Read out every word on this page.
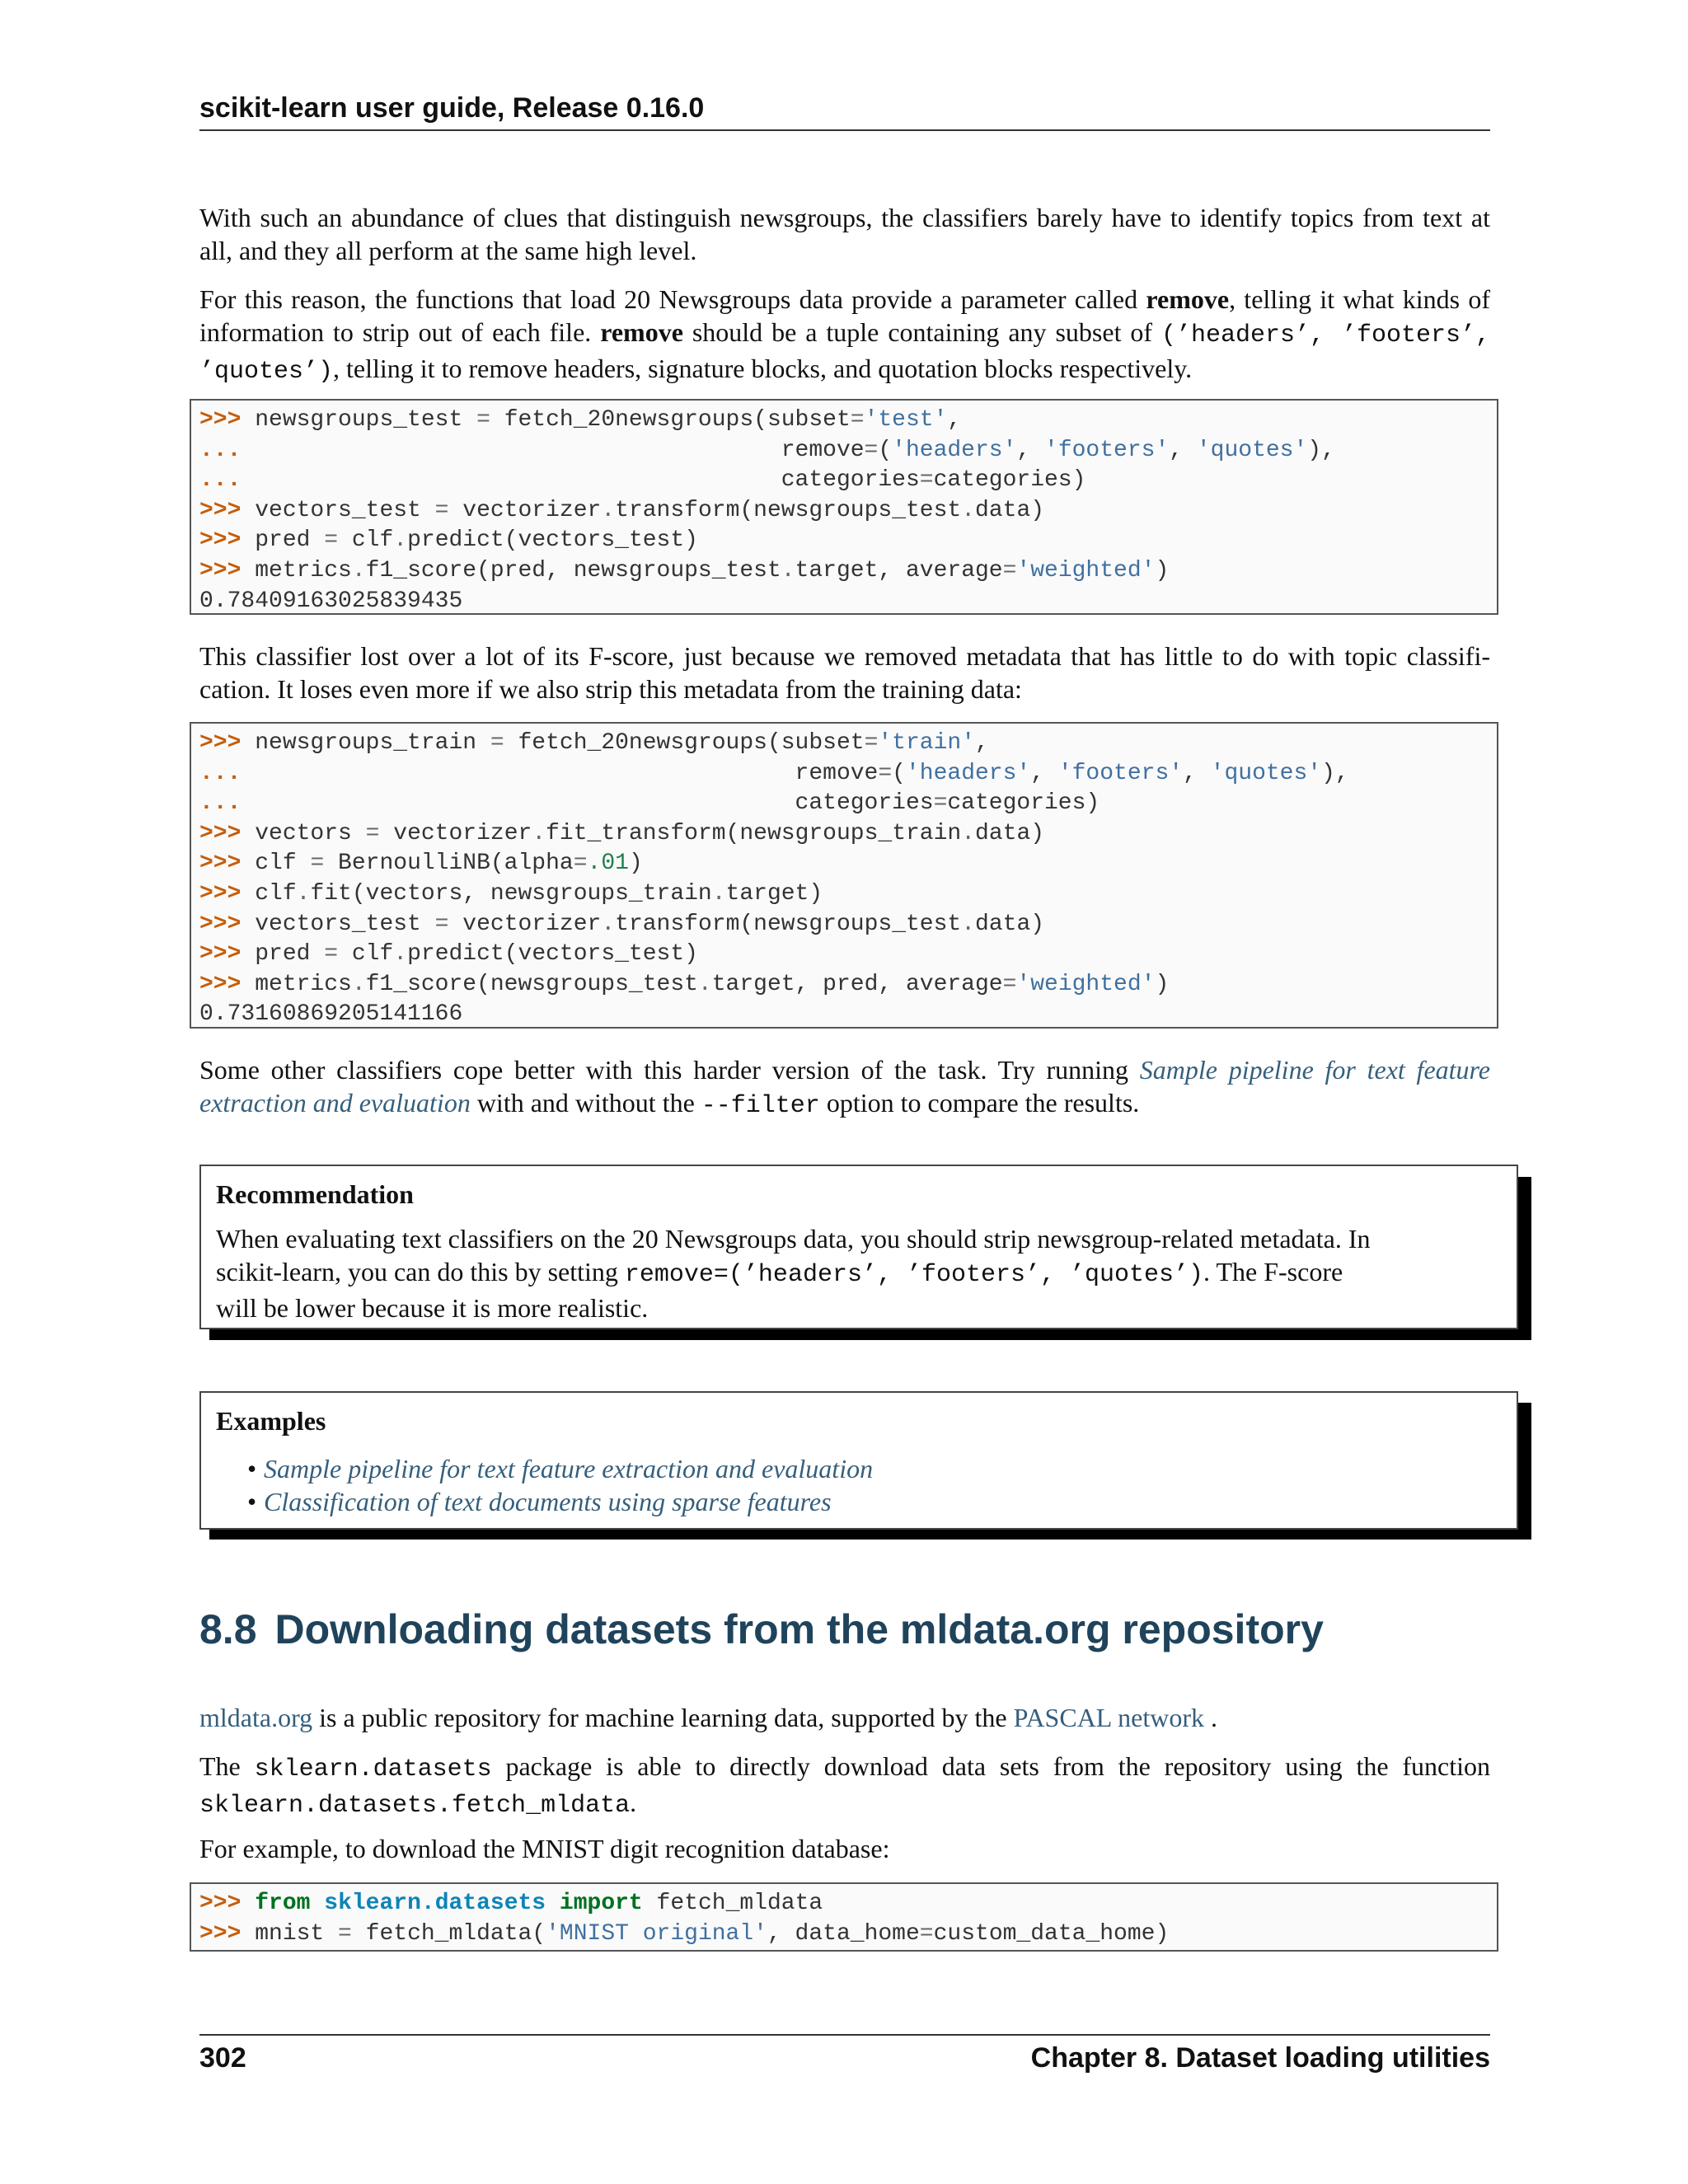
scikit-learn user guide, Release 0.16.0
With such an abundance of clues that distinguish newsgroups, the classifiers barely have to identify topics from text at
all, and they all perform at the same high level.
For this reason, the functions that load 20 Newsgroups data provide a parameter called remove, telling it what kinds of information to strip out of each file. remove should be a tuple containing any subset of (’headers’, ’footers’, ’quotes’), telling it to remove headers, signature blocks, and quotation blocks respectively.
>>> newsgroups_test = fetch_20newsgroups(subset='test',
...                                       remove=('headers', 'footers', 'quotes'),
...                                       categories=categories)
>>> vectors_test = vectorizer.transform(newsgroups_test.data)
>>> pred = clf.predict(vectors_test)
>>> metrics.f1_score(pred, newsgroups_test.target, average='weighted')
0.78409163025839435
This classifier lost over a lot of its F-score, just because we removed metadata that has little to do with topic classifi-
cation. It loses even more if we also strip this metadata from the training data:
>>> newsgroups_train = fetch_20newsgroups(subset='train',
...                                        remove=('headers', 'footers', 'quotes'),
...                                        categories=categories)
>>> vectors = vectorizer.fit_transform(newsgroups_train.data)
>>> clf = BernoulliNB(alpha=.01)
>>> clf.fit(vectors, newsgroups_train.target)
>>> vectors_test = vectorizer.transform(newsgroups_test.data)
>>> pred = clf.predict(vectors_test)
>>> metrics.f1_score(newsgroups_test.target, pred, average='weighted')
0.73160869205141166
Some other classifiers cope better with this harder version of the task. Try running Sample pipeline for text feature extraction and evaluation with and without the --filter option to compare the results.
Recommendation
When evaluating text classifiers on the 20 Newsgroups data, you should strip newsgroup-related metadata. In
scikit-learn, you can do this by setting remove=(’headers’, ’footers’, ’quotes’). The F-score
will be lower because it is more realistic.
Examples
• Sample pipeline for text feature extraction and evaluation
• Classification of text documents using sparse features
8.8 Downloading datasets from the mldata.org repository
mldata.org is a public repository for machine learning data, supported by the PASCAL network .
The sklearn.datasets package is able to directly download data sets from the repository using the function
sklearn.datasets.fetch_mldata.
For example, to download the MNIST digit recognition database:
>>> from sklearn.datasets import fetch_mldata
>>> mnist = fetch_mldata('MNIST original', data_home=custom_data_home)
302	Chapter 8. Dataset loading utilities
